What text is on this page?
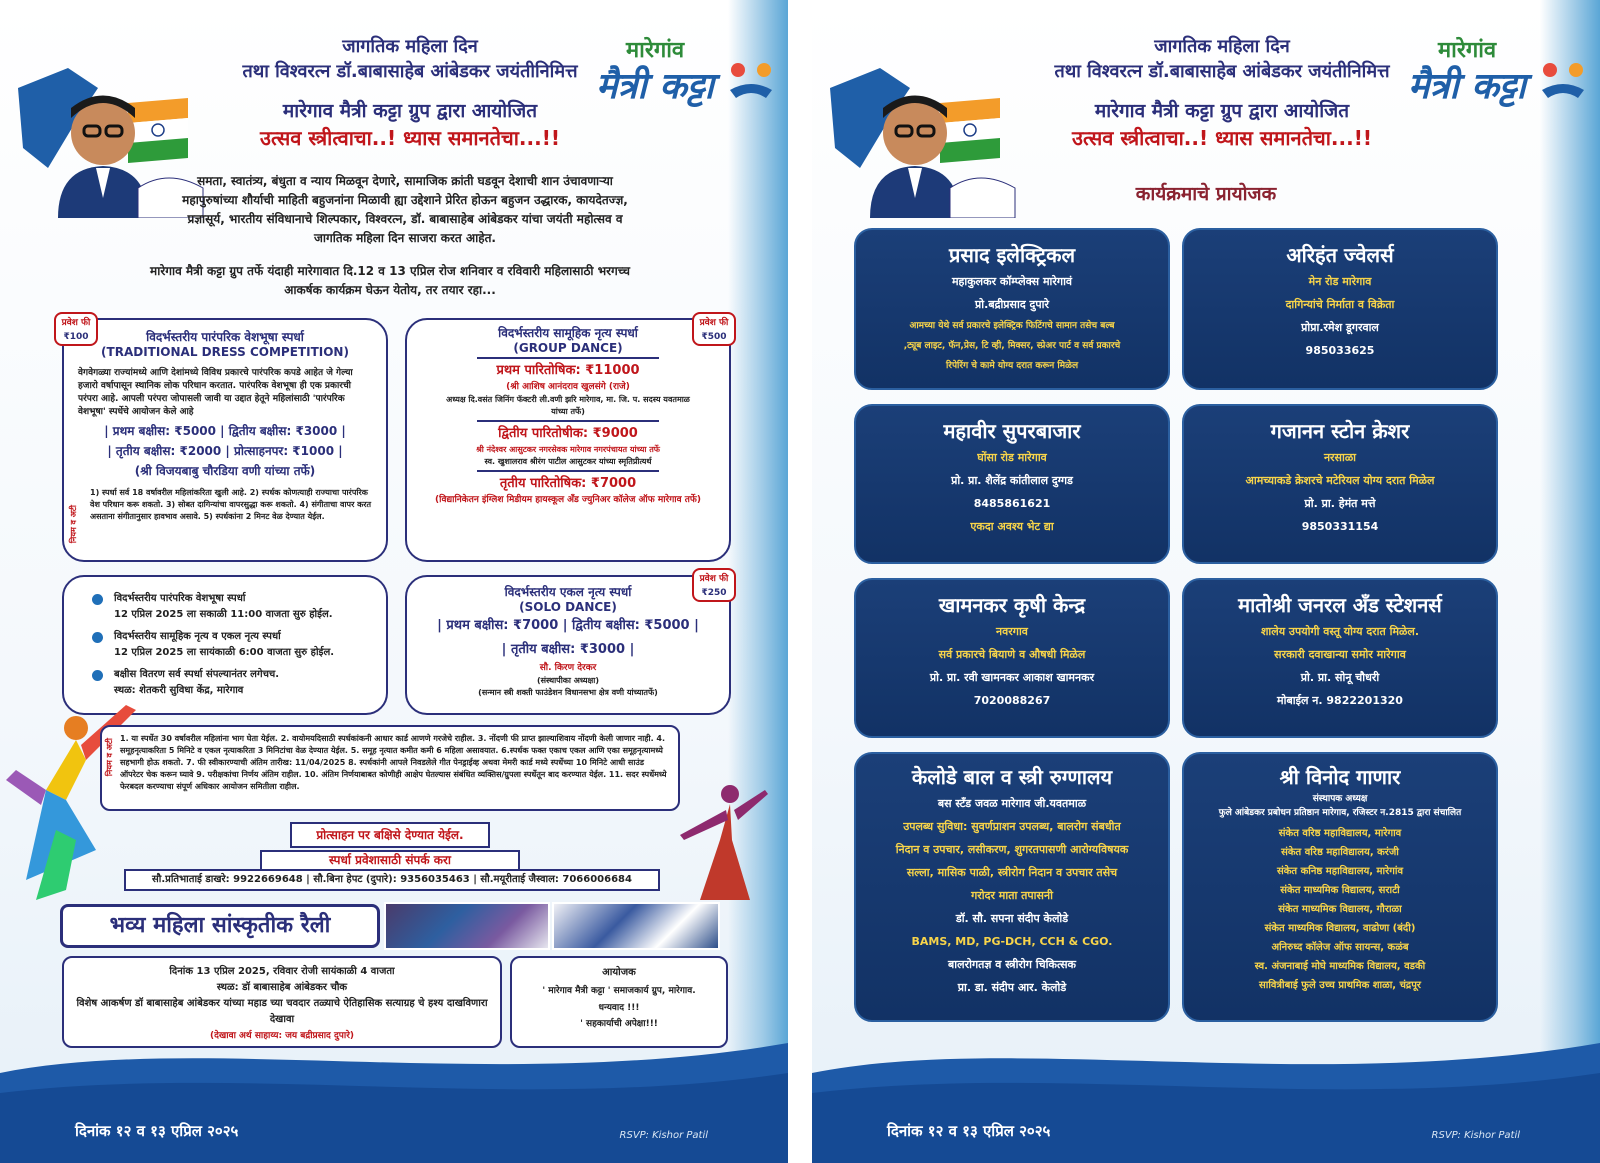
जागतिक महिला दिन
तथा विश्वरत्न डॉ.बाबासाहेब आंबेडकर जयंतीनिमित्त
मारेगाव मैत्री कट्टा ग्रुप द्वारा आयोजित
उत्सव स्त्रीत्वाचा..! ध्यास समानतेचा...!!
मारेगांव
मैत्री कट्टा
समता, स्वातंत्र्य, बंधुता व न्याय मिळवून देणारे, सामाजिक क्रांती घडवून देशाची शान उंचावणाऱ्या महापुरुषांच्या शौर्याची माहिती बहुजनांना मिळावी ह्या उद्देशाने प्रेरित होऊन बहुजन उद्धारक, कायदेतज्ज्ञ, प्रज्ञासूर्य, भारतीय संविधानाचे शिल्पकार, विश्वरत्न, डॉ. बाबासाहेब आंबेडकर यांचा जयंती महोत्सव व जागतिक महिला दिन साजरा करत आहेत.
मारेगाव मैत्री कट्टा ग्रुप तर्फे यंदाही मारेगावात दि.12 व 13 एप्रिल रोज शनिवार व रविवारी महिलासाठी भरगच्च आकर्षक कार्यक्रम घेऊन येतोय, तर तयार रहा...
विदर्भस्तरीय पारंपरिक वेशभूषा स्पर्धा
(TRADITIONAL DRESS COMPETITION)
वेगवेगळ्या राज्यांमध्ये आणि देशांमध्ये विविध प्रकारचे पारंपरिक कपडे आहेत जे गेल्या हजारो वर्षापासून स्थानिक लोक परिधान करतात. पारंपरिक वेशभूषा ही एक प्रकारची परंपरा आहे. आपली परंपरा जोपासली जावी या उद्दात हेतूने महिलांसाठी 'पारंपरिक वेशभूषा' स्पर्धेचे आयोजन केले आहे
| प्रथम बक्षीस: ₹5000 | द्वितीय बक्षीस: ₹3000 |
| तृतीय बक्षीस: ₹2000 | प्रोत्साहनपर: ₹1000 |
(श्री विजयबाबु चौरडिया वणी यांच्या तर्फे)
1) स्पर्धा सर्व 18 वर्षावरील महिलांकरिता खुली आहे. 2) स्पर्धक कोणत्याही राज्याचा पारंपरिक वेश परिधान करू शकतो. 3) सोबत दागिन्यांचा वापरसुद्धा करू शकतो. 4) संगीताचा वापर करत असताना संगीतानुसार हावभाव असावे. 5) स्पर्धकांना 2 मिनट वेळ देण्यात येईल.
नियम व अटी
प्रवेश फी
₹100	विदर्भस्तरीय सामूहिक नृत्य स्पर्धा
(GROUP DANCE)
प्रथम पारितोषिक: ₹11000
(श्री आशिष आनंदराव खुलसंगे (राजे)
अध्यक्ष दि.वसंत जिनिंग फॅक्टरी ली.वणी झरि मारेगाव, मा. जि. प. सदस्य यवतमाळ यांच्या तर्फे)
द्वितीय पारितोषीक: ₹9000
श्री नंदेश्वर आसुटकर नगरसेवक मारेगाव नगरपंचायत यांच्या तर्फे
स्व. खुशालराव श्रीरंग पाटील आसुटकर यांच्या स्मृतिप्रीत्यर्थ
तृतीय पारितोषिक: ₹7000
(विद्यानिकेतन इंग्लिश मिडीयम हायस्कूल अँड ज्युनिअर कॉलेज ऑफ मारेगाव तर्फे)
प्रवेश फी
₹500
विदर्भस्तरीय पारंपरिक वेशभूषा स्पर्धा
12 एप्रिल 2025 ला सकाळी 11:00 वाजता सुरु होईल.
विदर्भस्तरीय सामूहिक नृत्य व एकल नृत्य स्पर्धा
12 एप्रिल 2025 ला सायंकाळी 6:00 वाजता सुरु होईल.
बक्षीस वितरण सर्व स्पर्धा संपल्यानंतर लगेचच.
स्थळ: शेतकरी सुविधा केंद्र, मारेगाव
विदर्भस्तरीय एकल नृत्य स्पर्धा
(SOLO DANCE)
| प्रथम बक्षीस: ₹7000 | द्वितीय बक्षीस: ₹5000 |
| तृतीय बक्षीस: ₹3000 |
सौ. किरण देरकर
(संस्थापीका अध्यक्षा)
(सन्मान स्त्री शक्ती फाउंडेशन विधानसभा क्षेत्र वणी यांच्यातर्फे)
प्रवेश फी
₹250
1. या स्पर्धेत 30 वर्षावरील महिलांना भाग घेता येईल. 2. वायोमयदिसाठी स्पर्धकांकनी आधार कार्ड आणणे गरजेचे राहील. 3. नोंदणी फी प्राप्त झाल्याशिवाय नोंदणी केली जाणार नाही. 4. समूहनृत्याकरिता 5 मिनिटे व एकल नृत्याकरिता 3 मिनिटांचा वेळ देण्यात येईल. 5. समूह नृत्यात कमीत कमी 6 महिला असावयात. 6.स्पर्धक फक्त एकाच एकल आणि एका समूहनृत्यामध्ये सहभागी होऊ शकतो. 7. फी स्वीकारण्याची अंतिम तारीख: 11/04/2025 8. स्पर्धकांनी आपले निवडलेले गीत पेनड्राईव्ह अथवा मेमरी कार्ड मध्ये स्पर्धेच्या 10 मिनिटे आधी साउंड ऑपरेटर चेक करून घ्यावे 9. परीक्षकांचा निर्णय अंतिम राहील. 10. अंतिम निर्णयाबाबत कोणीही आक्षेप घेतल्यास संबंधित व्यक्तिस/ग्रुपला स्पर्धेतून बाद करण्यात येईल. 11. सदर स्पर्धेमध्ये फेरबदल करण्याचा संपूर्ण अधिकार आयोजन समितीला राहील.
नियम व अटी
प्रोत्साहन पर बक्षिसे देण्यात येईल.
स्पर्धा प्रवेशासाठी संपर्क करा
सौ.प्रतिभाताई डाखरे: 9922669648 | सौ.बिना हेपट (दुपारे): 9356035463 | सौ.मयूरीताई जैस्वाल: 7066006684
भव्य महिला सांस्कृतीक रैली
दिनांक 13 एप्रिल 2025, रविवार रोजी सायंकाळी 4 वाजता
स्थळ: डॉ बाबासाहेब आंबेडकर चौक
विशेष आकर्षण डॉ बाबासाहेब आंबेडकर यांच्या महाड च्या चवदार तळ्याचे ऐतिहासिक सत्याग्रह चे हश्य दाखविणारा देखावा
(देखावा अर्थ साहाय्य: जय बद्रीप्रसाद दुपारे)
आयोजक
' मारेगाव मैत्री कट्टा ' समाजकार्य ग्रुप, मारेगाव.
धन्यवाद !!!
' सहकार्याची अपेक्षा!!!
दिनांक १२ व १३ एप्रिल २०२५	RSVP: Kishor Patil
जागतिक महिला दिन
तथा विश्वरत्न डॉ.बाबासाहेब आंबेडकर जयंतीनिमित्त
मारेगाव मैत्री कट्टा ग्रुप द्वारा आयोजित
उत्सव स्त्रीत्वाचा..! ध्यास समानतेचा...!!
मारेगांव
मैत्री कट्टा
कार्यक्रमाचे प्रायोजक
प्रसाद इलेक्ट्रिकल
महाकुलकर कॉम्प्लेक्स मारेगावं
प्रो.बद्रीप्रसाद दुपारे
आमच्या येथे सर्व प्रकारचे इलेक्ट्रिक फिटिंगचे सामान तसेच बल्ब
,ट्यूब लाइट, फॅन,प्रेस, टि व्ही, मिक्सर, स्प्रेअर पार्ट व सर्व प्रकारचे
रिपेरिंग चे कामे योग्य दरात करून मिळेल
अरिहंत ज्वेलर्स
मेन रोड मारेगाव
दागिन्यांचे निर्माता व विक्रेता
प्रोप्रा.रमेश डूगरवाल
985033625
महावीर सुपरबाजार
घोंसा रोड मारेगाव
प्रो. प्रा. शैलेंद्र कांतीलाल दुग्गड
8485861621
एकदा अवश्य भेट द्या
गजानन स्टोन क्रेशर
नरसाळा
आमच्याकडे क्रेशरचे मटेरियल योग्य दरात मिळेल
प्रो. प्रा. हेमंत मत्ते
9850331154
खामनकर कृषी केन्द्र
नवरगाव
सर्व प्रकारचे बियाणे व औषधी मिळेल
प्रो. प्रा. रवी खामनकर आकाश खामनकर
7020088267
मातोश्री जनरल अँड स्टेशनर्स
शालेय उपयोगी वस्तू योग्य दरात मिळेल.
सरकारी दवाखान्या समोर मारेगाव
प्रो. प्रा. सोनू चौधरी
मोबाईल न. 9822201320
केलोडे बाल व स्त्री रुग्णालय
बस स्टँड जवळ मारेगाव जी.यवतमाळ
उपलब्ध सुविधा: सुवर्णप्राशन उपलब्ध, बालरोग संबधीत
निदान व उपचार, लसीकरण, शुगरतपासणी आरोग्यविषयक
सल्ला, मासिक पाळी, स्त्रीरोग निदान व उपचार तसेच
गरोदर माता तपासनी
डॉ. सौ. सपना संदीप केलोडे
BAMS, MD, PG-DCH, CCH & CGO.
बालरोगतज्ञ व स्त्रीरोग चिकित्सक
प्रा. डा. संदीप आर. केलोडे
श्री विनोद गाणार
संस्थापक अध्यक्ष
फुले आंबेडकर प्रबोधन प्रतिष्ठान मारेगाव, रजिस्टर न.2815 द्वारा संचालित
संकेत वरिष्ठ महाविद्यालय, मारेगाव
संकेत वरिष्ठ महाविद्यालय, करंजी
संकेत कनिष्ठ महाविद्यालय, मारेगांव
संकेत माध्यमिक विद्यालय, सराटी
संकेत माध्यमिक विद्यालय, गौराळा
संकेत माध्यमिक विद्यालय, वाढोणा (बंदी)
अनिरुध्द कॉलेज ऑफ सायन्स, कळंब
स्व. अंजनाबाई मोघे माध्यमिक विद्यालय, वडकी
सावित्रीबाई फुले उच्च प्राथमिक शाळा, चंद्रपूर
दिनांक १२ व १३ एप्रिल २०२५	RSVP: Kishor Patil
